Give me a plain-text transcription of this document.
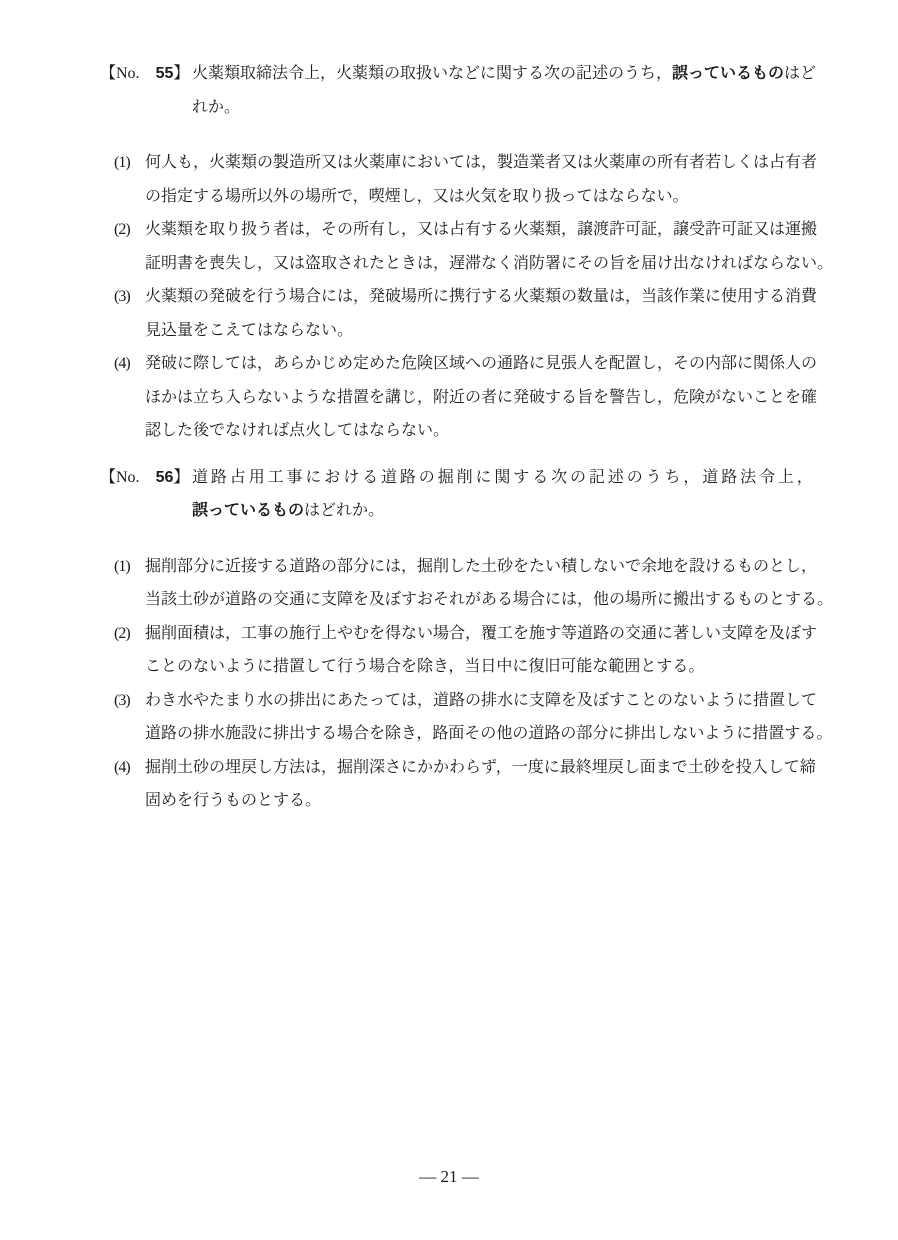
【No.　55】 火薬類取締法令上，火薬類の取扱いなどに関する次の記述のうち，誤っているものはど
れか。
(1) 何人も，火薬類の製造所又は火薬庫においては，製造業者又は火薬庫の所有者若しくは占有者
の指定する場所以外の場所で，喫煙し，又は火気を取り扱ってはならない。
(2) 火薬類を取り扱う者は，その所有し，又は占有する火薬類，譲渡許可証，譲受許可証又は運搬
証明書を喪失し，又は盗取されたときは，遅滞なく消防署にその旨を届け出なければならない。
(3) 火薬類の発破を行う場合には，発破場所に携行する火薬類の数量は，当該作業に使用する消費
見込量をこえてはならない。
(4) 発破に際しては，あらかじめ定めた危険区域への通路に見張人を配置し，その内部に関係人の
ほかは立ち入らないような措置を講じ，附近の者に発破する旨を警告し，危険がないことを確
認した後でなければ点火してはならない。
【No.　56】 道路占用工事における道路の掘削に関する次の記述のうち，道路法令上，
誤っているものはどれか。
(1) 掘削部分に近接する道路の部分には，掘削した土砂をたい積しないで余地を設けるものとし，
当該土砂が道路の交通に支障を及ぼすおそれがある場合には，他の場所に搬出するものとする。
(2) 掘削面積は，工事の施行上やむを得ない場合，覆工を施す等道路の交通に著しい支障を及ぼす
ことのないように措置して行う場合を除き，当日中に復旧可能な範囲とする。
(3) わき水やたまり水の排出にあたっては，道路の排水に支障を及ぼすことのないように措置して
道路の排水施設に排出する場合を除き，路面その他の道路の部分に排出しないように措置する。
(4) 掘削土砂の埋戻し方法は，掘削深さにかかわらず，一度に最終埋戻し面まで土砂を投入して締
固めを行うものとする。
— 21 —
